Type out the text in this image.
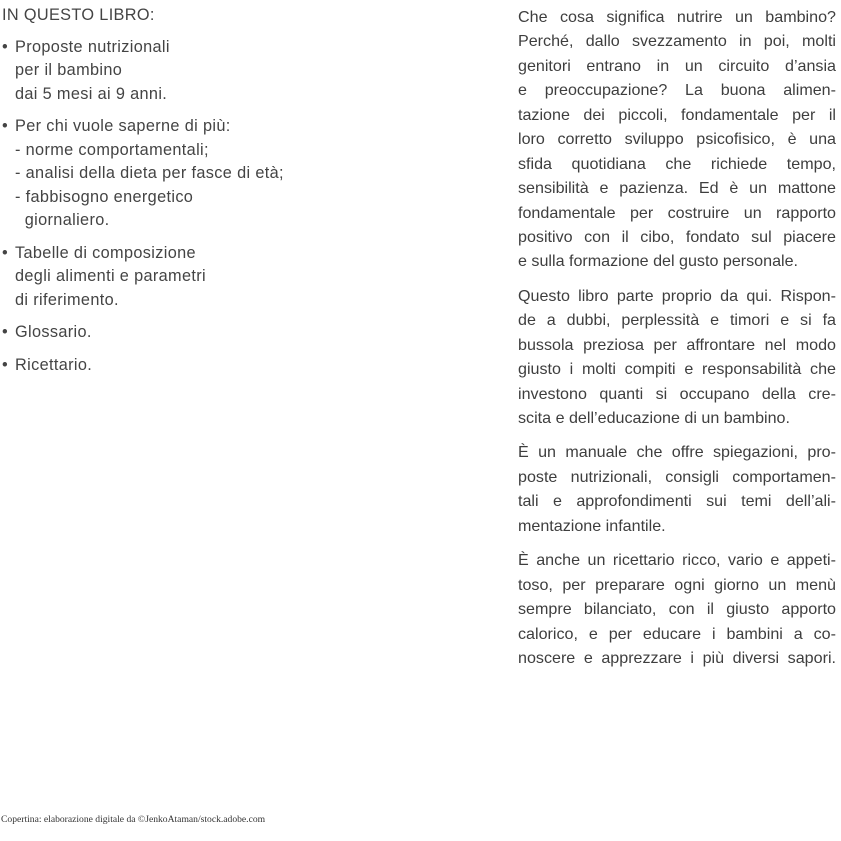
IN QUESTO LIBRO:
• Proposte nutrizionali
per il bambino
dai 5 mesi ai 9 anni.
• Per chi vuole saperne di più:
- norme comportamentali;
- analisi della dieta per fasce di età;
- fabbisogno energetico
giornaliero.
• Tabelle di composizione
degli alimenti e parametri
di riferimento.
• Glossario.
• Ricettario.
Che cosa significa nutrire un bambino?
Perché, dallo svezzamento in poi, molti
genitori entrano in un circuito d’ansia
e preoccupazione? La buona alimen-
tazione dei piccoli, fondamentale per il
loro corretto sviluppo psicofisico, è una
sfida quotidiana che richiede tempo,
sensibilità e pazienza. Ed è un mattone
fondamentale per costruire un rapporto
positivo con il cibo, fondato sul piacere
e sulla formazione del gusto personale.
Questo libro parte proprio da qui. Rispon-
de a dubbi, perplessità e timori e si fa
bussola preziosa per affrontare nel modo
giusto i molti compiti e responsabilità che
investono quanti si occupano della cre-
scita e dell’educazione di un bambino.
È un manuale che offre spiegazioni, pro-
poste nutrizionali, consigli comportamen-
tali e approfondimenti sui temi dell’ali-
mentazione infantile.
È anche un ricettario ricco, vario e appeti-
toso, per preparare ogni giorno un menù
sempre bilanciato, con il giusto apporto
calorico, e per educare i bambini a co-
noscere e apprezzare i più diversi sapori.
Copertina: elaborazione digitale da ©JenkoAtaman/stock.adobe.com
